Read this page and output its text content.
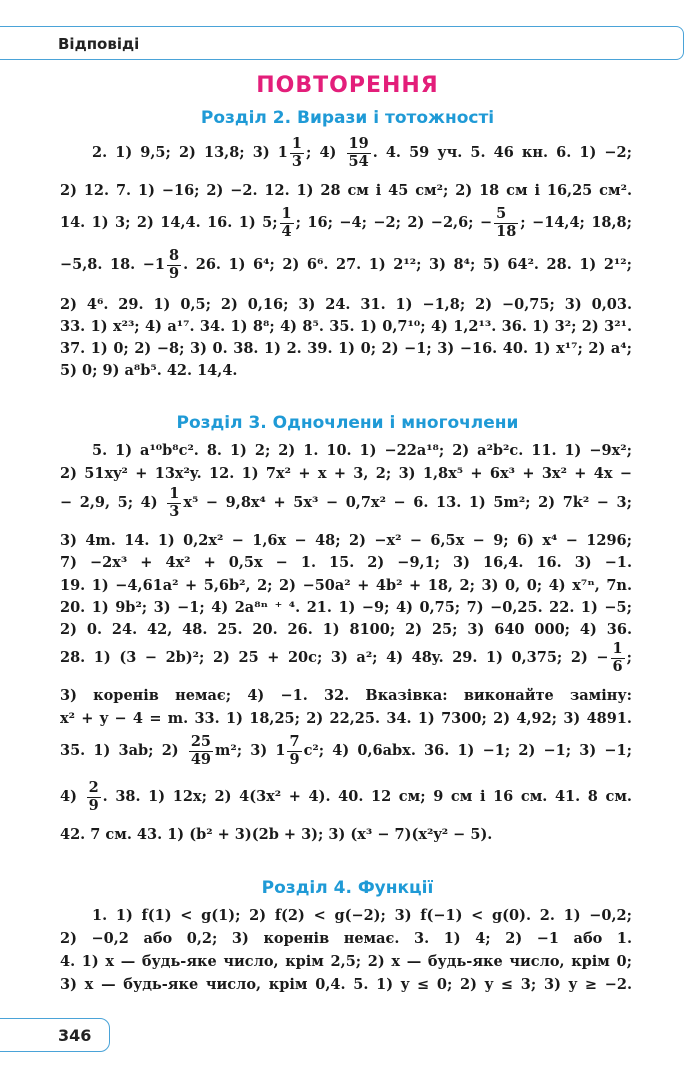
Відповіді
ПОВТОРЕННЯ
Розділ 2. Вирази і тотожності
2. 1) 9,5; 2) 13,8; 3) $1 \frac{1}{3}$ ; $4) \frac{19}{54}$ . 4. 59 уч. 5. 46 кн. 6. 1) −2;
2) 12. 7. 1) −16; 2) −2. 12. 1) 28 см і 45 см²; 2) 18 см і 16,25 см².
14. 1) 3; 2) 14,4. 16. 1) 5; $\frac{1}{4}$ ; 16; −4; −2; 2) −2,6; − $\frac{5}{18}$ ; −14,4; 18,8;
−5,8. 18. $-1 \frac{8}{9}$ . 26. 1) 6⁴; 2) 6⁶. 27. 1) 2¹²; 3) 8⁴; 5) 64². 28. 1) 2¹²;
2) 4⁶. 29. 1) 0,5; 2) 0,16; 3) 24. 31. 1) −1,8; 2) −0,75; 3) 0,03.
33. 1) x²³; 4) a¹⁷. 34. 1) 8⁸; 4) 8⁵. 35. 1) 0,7¹⁰; 4) 1,2¹³. 36. 1) 3²; 2) 3²¹.
37. 1) 0; 2) −8; 3) 0. 38. 1) 2. 39. 1) 0; 2) −1; 3) −16. 40. 1) x¹⁷; 2) a⁴;
5) 0; 9) a⁸b⁵. 42. 14,4.
Розділ 3. Одночлени і многочлени
5. 1) a¹⁰b⁸c². 8. 1) 2; 2) 1. 10. 1) −22a¹⁸; 2) a²b²c. 11. 1) −9x²;
2) 51xy² + 13x²y. 12. 1) 7x² + x + 3, 2; 3) 1,8x⁵ + 6x³ + 3x² + 4x −
− 2,9, 5; $4) \frac{1}{3} x^5 - 9,8x^4 + 5x^3 - 0,7x^2 - 6$. 13. 1) 5m²; 2) 7k² − 3;
3) 4m. 14. 1) 0,2x² − 1,6x − 48; 2) −x² − 6,5x − 9; 6) x⁴ − 1296;
7) −2x³ + 4x² + 0,5x − 1. 15. 2) −9,1; 3) 16,4. 16. 3) −1.
19. 1) −4,61a² + 5,6b², 2; 2) −50a² + 4b² + 18, 2; 3) 0, 0; 4) x⁷ⁿ, 7n.
20. 1) 9b²; 3) −1; 4) 2a⁸ⁿ ⁺ ⁴. 21. 1) −9; 4) 0,75; 7) −0,25. 22. 1) −5;
2) 0. 24. 42, 48. 25. 20. 26. 1) 8100; 2) 25; 3) 640 000; 4) 36.
28. 1) (3 − 2b)²; 2) 25 + 20c; 3) a²; 4) 48y. 29. 1) 0,375; $2) - \frac{1}{6}$ ;
3) коренів немає; 4) −1. 32. Вказівка: виконайте заміну:
x² + y − 4 = m. 33. 1) 18,25; 2) 22,25. 34. 1) 7300; 2) 4,92; 3) 4891.
35. 1) 3ab; $2) \frac{25}{49} m^2$; 3) $1 \frac{7}{9} c^2$; 4) 0,6abx. 36. 1) −1; 2) −1; 3) −1;
$4) \frac{2}{9}$ . 38. 1) 12x; 2) 4(3x² + 4). 40. 12 см; 9 см і 16 см. 41. 8 см.
42. 7 см. 43. 1) (b² + 3)(2b + 3); 3) (x³ − 7)(x²y² − 5).
Розділ 4. Функції
1. 1) f(1) < g(1); 2) f(2) < g(−2); 3) f(−1) < g(0). 2. 1) −0,2;
2) −0,2 або 0,2; 3) коренів немає. 3. 1) 4; 2) −1 або 1.
4. 1) x — будь-яке число, крім 2,5; 2) x — будь-яке число, крім 0;
3) x — будь-яке число, крім 0,4. 5. 1) y ≤ 0; 2) y ≤ 3; 3) y ≥ −2.
346
